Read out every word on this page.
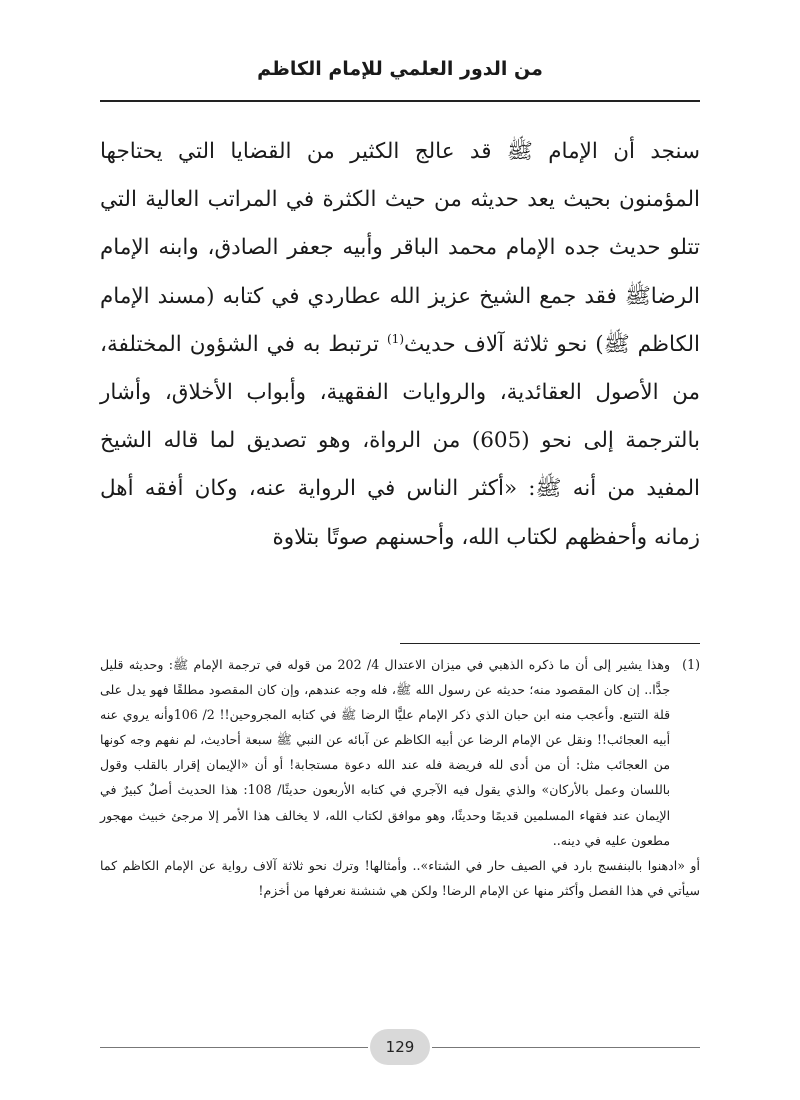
من الدور العلمي للإمام الكاظم

سنجد أن الإمام ﷺ قد عالج الكثير من القضايا التي يحتاجها المؤمنون بحيث يعد حديثه من حيث الكثرة في المراتب العالية التي تتلو حديث جده الإمام محمد الباقر وأبيه جعفر الصادق، وابنه الإمام الرضاﷺ فقد جمع الشيخ عزيز الله عطاردي في كتابه (مسند الإمام الكاظم ﷺ) نحو ثلاثة آلاف حديث$^{(1)}$ ترتبط به في الشؤون المختلفة، من الأصول العقائدية، والروايات الفقهية، وأبواب الأخلاق، وأشار بالترجمة إلى نحو (605) من الرواة، وهو تصديق لما قاله الشيخ المفيد من أنه ﷺ: «أكثر الناس في الرواية عنه، وكان أفقه أهل زمانه وأحفظهم لكتاب الله، وأحسنهم صوتًا بتلاوة

(1)
وهذا يشير إلى أن ما ذكره الذهبي في ميزان الاعتدال 4/ 202 من قوله في ترجمة الإمام ﷺ: وحديثه قليل جدًّا.. إن كان المقصود منه؛ حديثه عن رسول الله ﷺ، فله وجه عندهم، وإن كان المقصود مطلقًا فهو يدل على قلة التتبع. وأعجب منه ابن حبان الذي ذكر الإمام عليًّا الرضا ﷺ في كتابه المجروحين!! 2/ 106وأنه يروي عنه أبيه العجائب!! ونقل عن الإمام الرضا عن أبيه الكاظم عن آبائه عن النبي ﷺ سبعة أحاديث، لم نفهم وجه كونها من العجائب مثل: أن من أدى لله فريضة فله عند الله دعوة مستجابة! أو أن «الإيمان إقرار بالقلب وقول باللسان وعمل بالأركان» والذي يقول فيه الآجري في كتابه الأربعون حديثًا/ 108: هذا الحديث أصلٌ كبيرٌ في الإيمان عند فقهاء المسلمين قديمًا وحديثًا، وهو موافق لكتاب الله، لا يخالف هذا الأمر إلا مرجئ خبيث مهجور مطعون عليه في دينه..
أو «ادهنوا بالبنفسج بارد في الصيف حار في الشتاء».. وأمثالها! وترك نحو ثلاثة آلاف رواية عن الإمام الكاظم كما سيأتي في هذا الفصل وأكثر منها عن الإمام الرضا! ولكن هي شنشنة نعرفها من أخزم!
129
